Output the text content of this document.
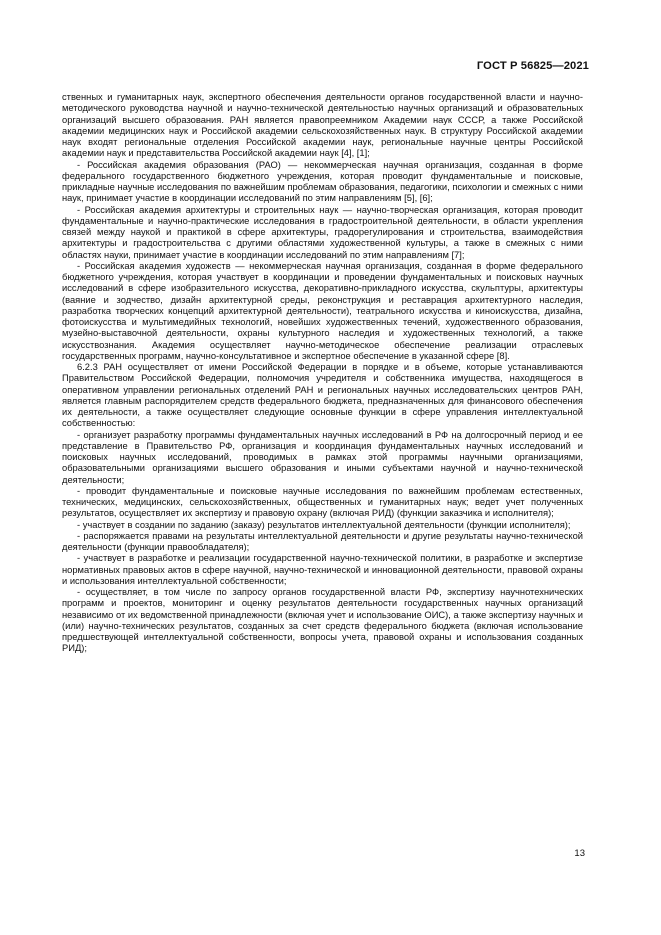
ГОСТ Р 56825—2021

ственных и гуманитарных наук, экспертного обеспечения деятельности органов государственной власти и научно-методического руководства научной и научно-технической деятельностью научных организаций и образовательных организаций высшего образования. РАН является правопреемником Академии наук СССР, а также Российской академии медицинских наук и Российской академии сельскохозяйственных наук. В структуру Российской академии наук входят региональные отделения Российской академии наук, региональные научные центры Российской академии наук и представительства Российской академии наук [4], [1];

- Российская академия образования (РАО) — некоммерческая научная организация, созданная в форме федерального государственного бюджетного учреждения, которая проводит фундаментальные и поисковые, прикладные научные исследования по важнейшим проблемам образования, педагогики, психологии и смежных с ними наук, принимает участие в координации исследований по этим направлениям [5], [6];

- Российская академия архитектуры и строительных наук — научно-творческая организация, которая проводит фундаментальные и научно-практические исследования в градостроительной деятельности, в области укрепления связей между наукой и практикой в сфере архитектуры, градорегулирования и строительства, взаимодействия архитектуры и градостроительства с другими областями художественной культуры, а также в смежных с ними областях науки, принимает участие в координации исследований по этим направлениям [7];

- Российская академия художеств — некоммерческая научная организация, созданная в форме федерального бюджетного учреждения, которая участвует в координации и проведении фундаментальных и поисковых научных исследований в сфере изобразительного искусства, декоративно-прикладного искусства, скульптуры, архитектуры (ваяние и зодчество, дизайн архитектурной среды, реконструкция и реставрация архитектурного наследия, разработка творческих концепций архитектурной деятельности), театрального искусства и киноискусства, дизайна, фотоискусства и мультимедийных технологий, новейших художественных течений, художественного образования, музейно-выставочной деятельности, охраны культурного наследия и художественных технологий, а также искусствознания. Академия осуществляет научно-методическое обеспечение реализации отраслевых государственных программ, научно-консультативное и экспертное обеспечение в указанной сфере [8].

6.2.3 РАН осуществляет от имени Российской Федерации в порядке и в объеме, которые устанавливаются Правительством Российской Федерации, полномочия учредителя и собственника имущества, находящегося в оперативном управлении региональных отделений РАН и региональных научных исследовательских центров РАН, является главным распорядителем средств федерального бюджета, предназначенных для финансового обеспечения их деятельности, а также осуществляет следующие основные функции в сфере управления интеллектуальной собственностью:

- организует разработку программы фундаментальных научных исследований в РФ на долгосрочный период и ее представление в Правительство РФ, организация и координация фундаментальных научных исследований и поисковых научных исследований, проводимых в рамках этой программы научными организациями, образовательными организациями высшего образования и иными субъектами научной и научно-технической деятельности;

- проводит фундаментальные и поисковые научные исследования по важнейшим проблемам естественных, технических, медицинских, сельскохозяйственных, общественных и гуманитарных наук; ведет учет полученных результатов, осуществляет их экспертизу и правовую охрану (включая РИД) (функции заказчика и исполнителя);

- участвует в создании по заданию (заказу) результатов интеллектуальной деятельности (функции исполнителя);

- распоряжается правами на результаты интеллектуальной деятельности и другие результаты научно-технической деятельности (функции правообладателя);

- участвует в разработке и реализации государственной научно-технической политики, в разработке и экспертизе нормативных правовых актов в сфере научной, научно-технической и инновационной деятельности, правовой охраны и использования интеллектуальной собственности;

- осуществляет, в том числе по запросу органов государственной власти РФ, экспертизу научнотехнических программ и проектов, мониторинг и оценку результатов деятельности государственных научных организаций независимо от их ведомственной принадлежности (включая учет и использование ОИС), а также экспертизу научных и (или) научно-технических результатов, созданных за счет средств федерального бюджета (включая использование предшествующей интеллектуальной собственности, вопросы учета, правовой охраны и использования созданных РИД);

13
